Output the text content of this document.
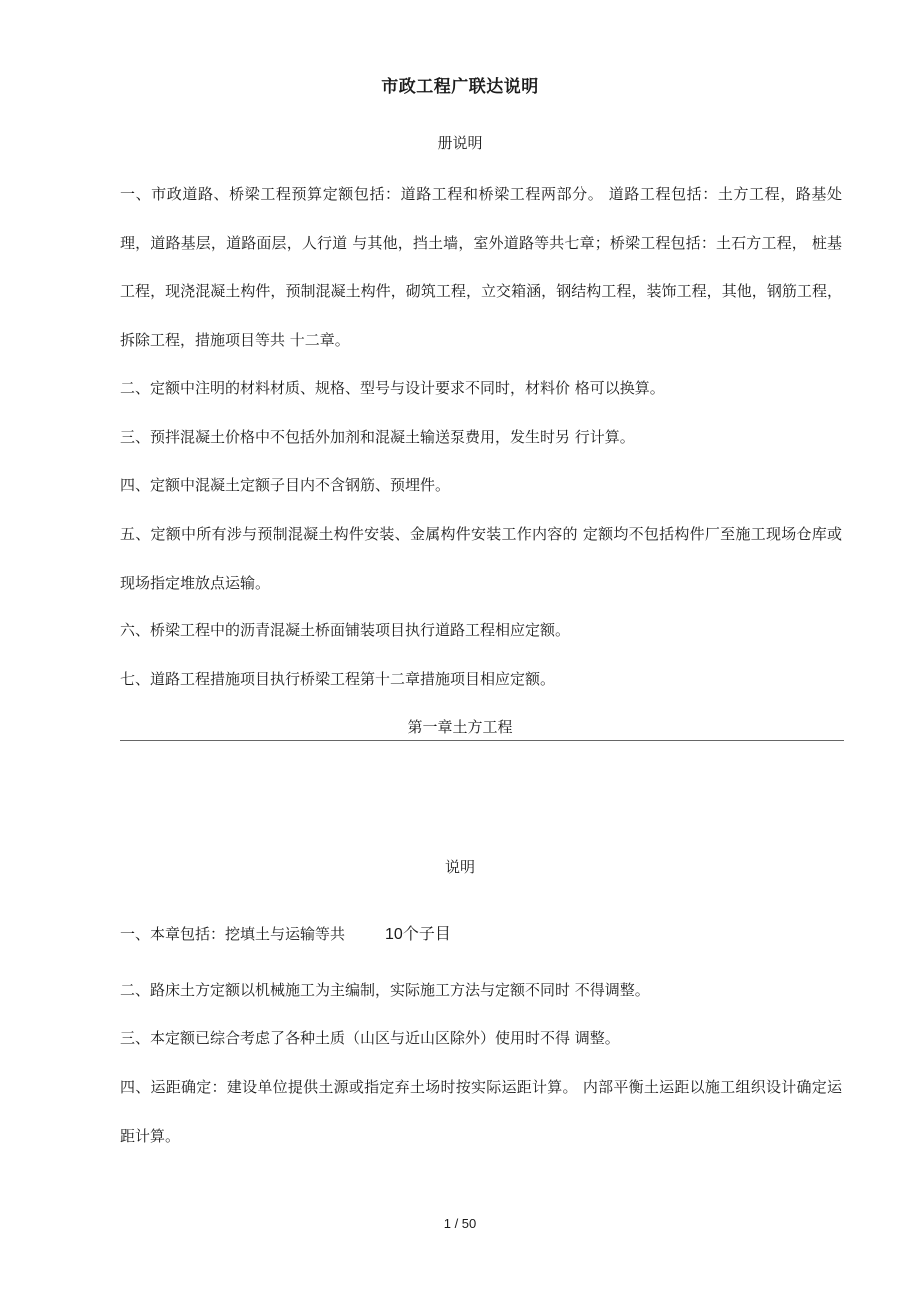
市政工程广联达说明
册说明

一、市政道路、桥梁工程预算定额包括：道路工程和桥梁工程两部分。 道路工程包括：土方工程，路基处理，道路基层，道路面层，人行道 与其他，挡土墙，室外道路等共七章；桥梁工程包括：土石方工程， 桩基工程，现浇混凝土构件，预制混凝土构件，砌筑工程，立交箱涵，钢结构工程，装饰工程，其他，钢筋工程，拆除工程，措施项目等共 十二章。

二、定额中注明的材料材质、规格、型号与设计要求不同时，材料价 格可以换算。

三、预拌混凝土价格中不包括外加剂和混凝土输送泵费用，发生时另 行计算。

四、定额中混凝土定额子目内不含钢筋、预埋件。

五、定额中所有涉与预制混凝土构件安装、金属构件安装工作内容的 定额均不包括构件厂至施工现场仓库或现场指定堆放点运输。

六、桥梁工程中的沥青混凝土桥面铺装项目执行道路工程相应定额。

七、道路工程措施项目执行桥梁工程第十二章措施项目相应定额。

第一章土方工程
说明

一、本章包括：挖填土与运输等共	10个子目

二、路床土方定额以机械施工为主编制，实际施工方法与定额不同时 不得调整。

三、本定额已综合考虑了各种土质（山区与近山区除外）使用时不得 调整。

四、运距确定：建设单位提供土源或指定弃土场时按实际运距计算。 内部平衡土运距以施工组织设计确定运距计算。

1 / 50
